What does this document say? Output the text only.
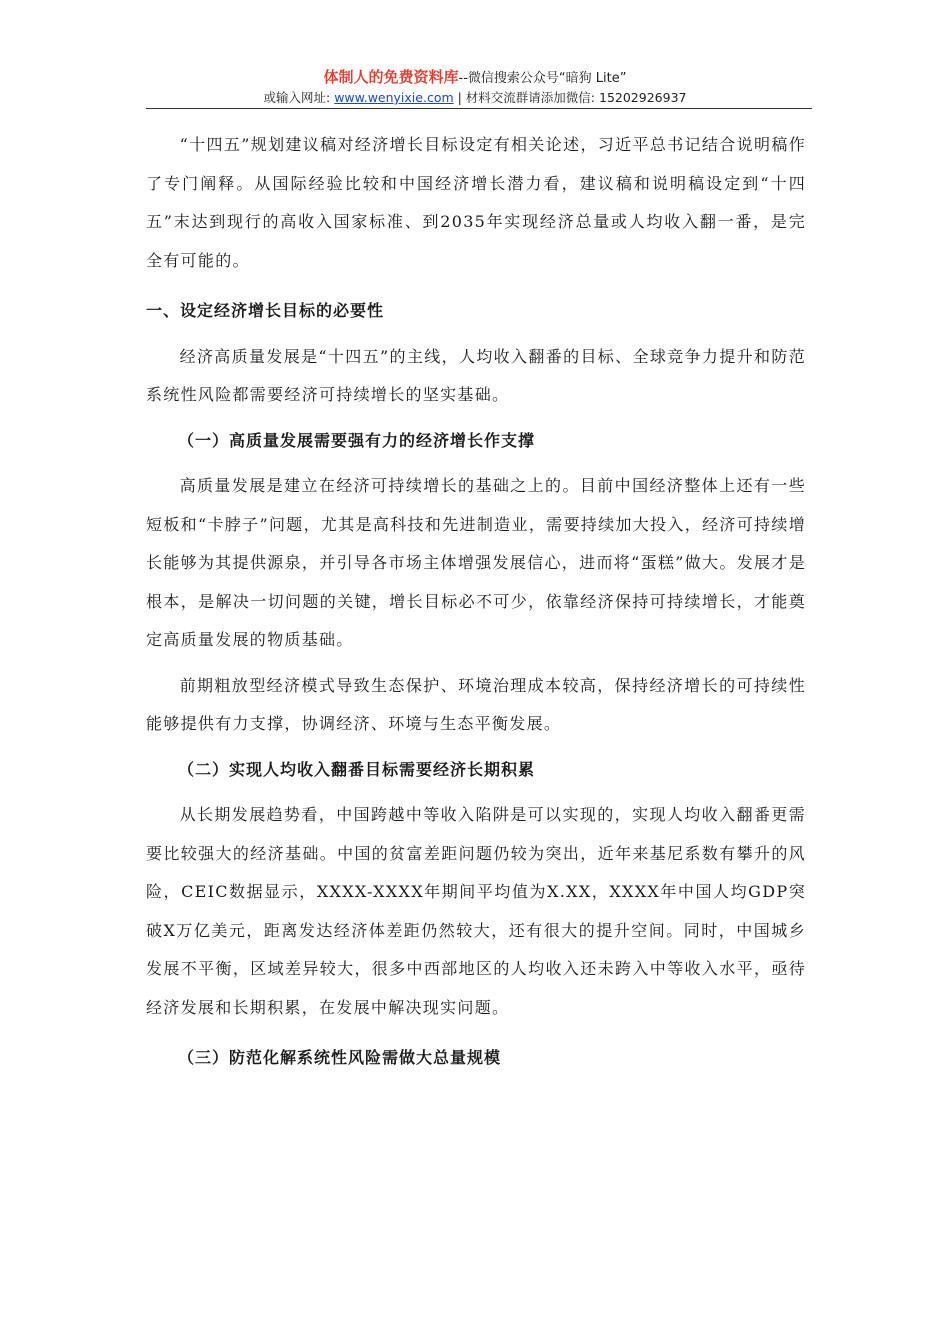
体制人的免费资料库--微信搜索公众号“暗狗 Lite”
或输入网址: www.wenyixie.com | 材料交流群请添加微信: 15202926937

“十四五”规划建议稿对经济增长目标设定有相关论述，习近平总书记结合说明稿作了专门阐释。从国际经验比较和中国经济增长潜力看，建议稿和说明稿设定到“十四五”末达到现行的高收入国家标准、到2035年实现经济总量或人均收入翻一番，是完全有可能的。

一、设定经济增长目标的必要性

经济高质量发展是“十四五”的主线，人均收入翻番的目标、全球竞争力提升和防范系统性风险都需要经济可持续增长的坚实基础。

（一）高质量发展需要强有力的经济增长作支撑

高质量发展是建立在经济可持续增长的基础之上的。目前中国经济整体上还有一些短板和“卡脖子”问题，尤其是高科技和先进制造业，需要持续加大投入，经济可持续增长能够为其提供源泉，并引导各市场主体增强发展信心，进而将“蛋糕”做大。发展才是根本，是解决一切问题的关键，增长目标必不可少，依靠经济保持可持续增长，才能奠定高质量发展的物质基础。

前期粗放型经济模式导致生态保护、环境治理成本较高，保持经济增长的可持续性能够提供有力支撑，协调经济、环境与生态平衡发展。

（二）实现人均收入翻番目标需要经济长期积累

从长期发展趋势看，中国跨越中等收入陷阱是可以实现的，实现人均收入翻番更需要比较强大的经济基础。中国的贫富差距问题仍较为突出，近年来基尼系数有攀升的风险，CEIC数据显示，XXXX-XXXX年期间平均值为X.XX，XXXX年中国人均GDP突破X万亿美元，距离发达经济体差距仍然较大，还有很大的提升空间。同时，中国城乡发展不平衡，区域差异较大，很多中西部地区的人均收入还未跨入中等收入水平，亟待经济发展和长期积累，在发展中解决现实问题。

（三）防范化解系统性风险需做大总量规模
